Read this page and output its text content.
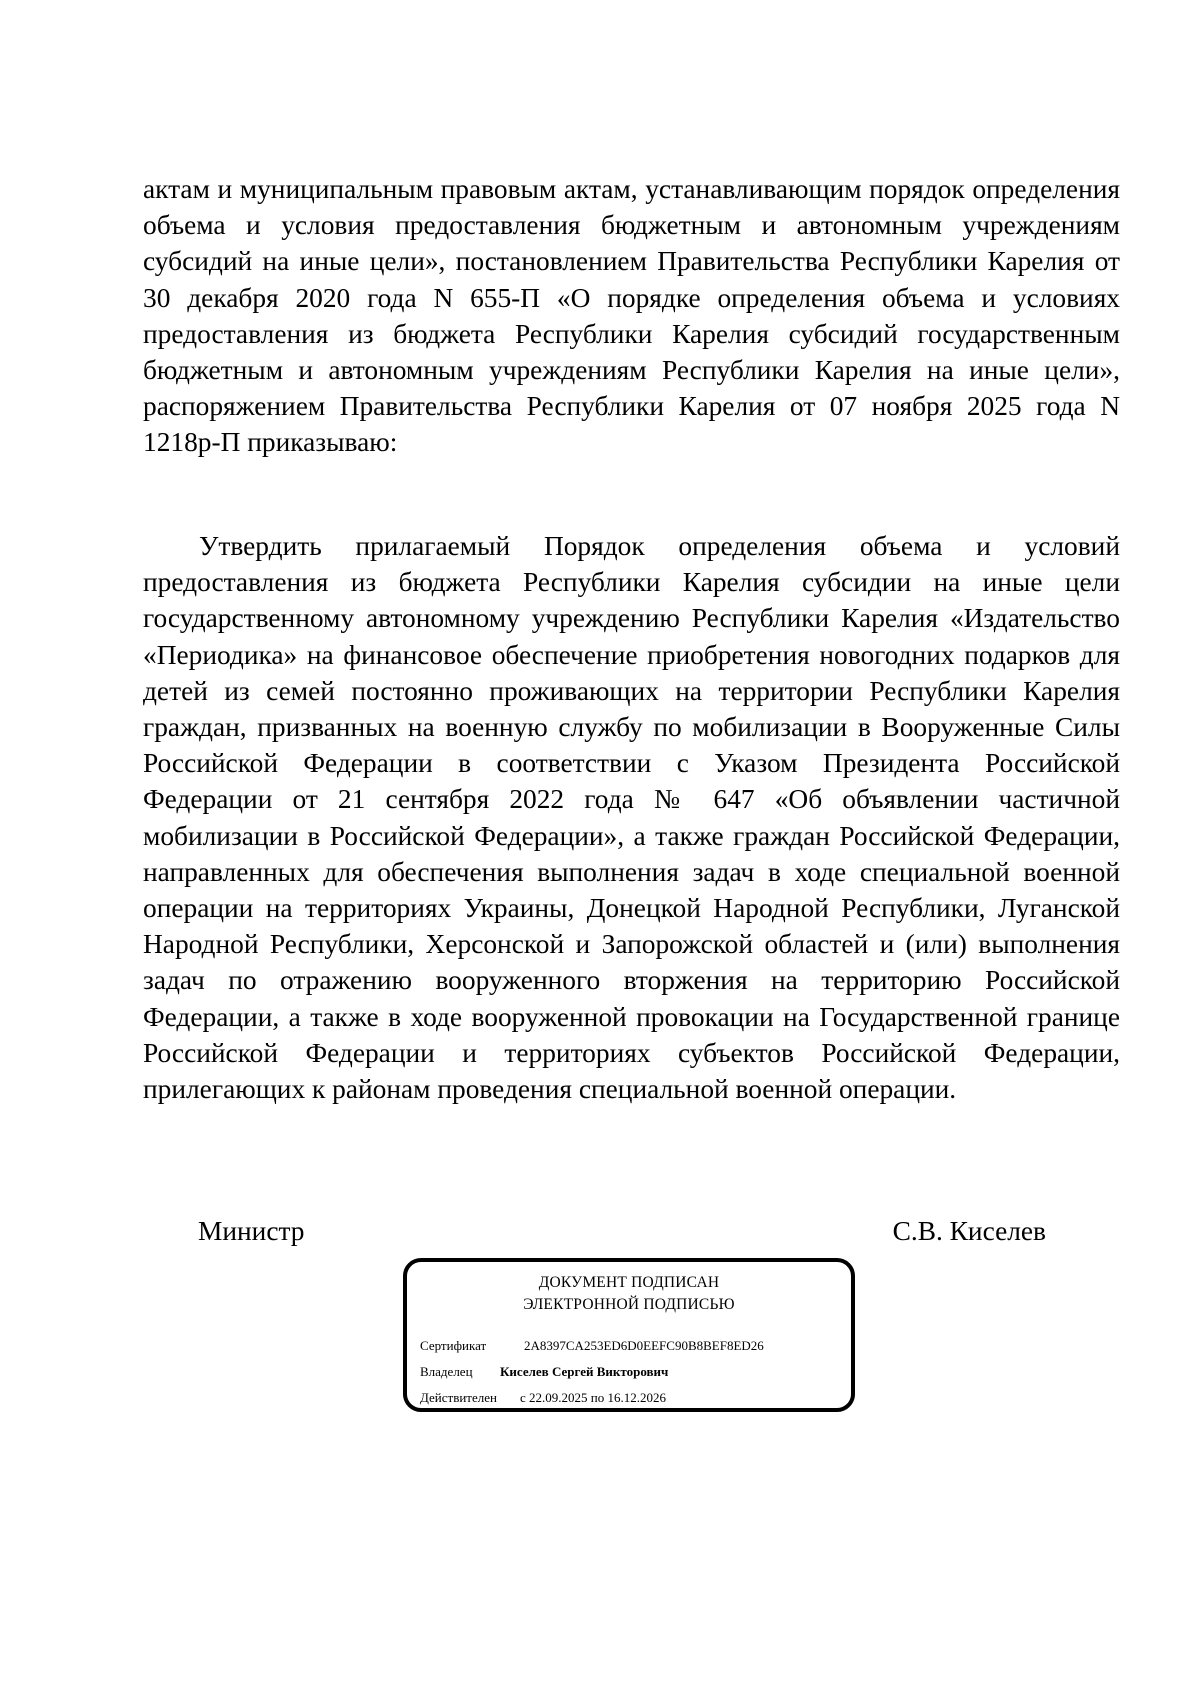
актам и муниципальным правовым актам, устанавливающим порядок определения объема и условия предоставления бюджетным и автономным учреждениям субсидий на иные цели», постановлением Правительства Республики Карелия от 30 декабря 2020 года N 655-П «О порядке определения объема и условиях предоставления из бюджета Республики Карелия субсидий государственным бюджетным и автономным учреждениям Республики Карелия на иные цели», распоряжением Правительства Республики Карелия от 07 ноября 2025 года N 1218р-П приказываю:

Утвердить прилагаемый Порядок определения объема и условий предоставления из бюджета Республики Карелия субсидии на иные цели государственному автономному учреждению Республики Карелия «Издательство «Периодика» на финансовое обеспечение приобретения новогодних подарков для детей из семей постоянно проживающих на территории Республики Карелия граждан, призванных на военную службу по мобилизации в Вооруженные Силы Российской Федерации в соответствии с Указом Президента Российской Федерации от 21 сентября 2022 года № 647 «Об объявлении частичной мобилизации в Российской Федерации», а также граждан Российской Федерации, направленных для обеспечения выполнения задач в ходе специальной военной операции на территориях Украины, Донецкой Народной Республики, Луганской Народной Республики, Херсонской и Запорожской областей и (или) выполнения задач по отражению вооруженного вторжения на территорию Российской Федерации, а также в ходе вооруженной провокации на Государственной границе Российской Федерации и территориях субъектов Российской Федерации, прилегающих к районам проведения специальной военной операции.

Министр	С.В. Киселев
ДОКУМЕНТ ПОДПИСАН
ЭЛЕКТРОННОЙ ПОДПИСЬЮ
Сертификат	2A8397CA253ED6D0EEFC90B8BEF8ED26
Владелец Киселев Сергей Викторович
Действителен с 22.09.2025 по 16.12.2026
